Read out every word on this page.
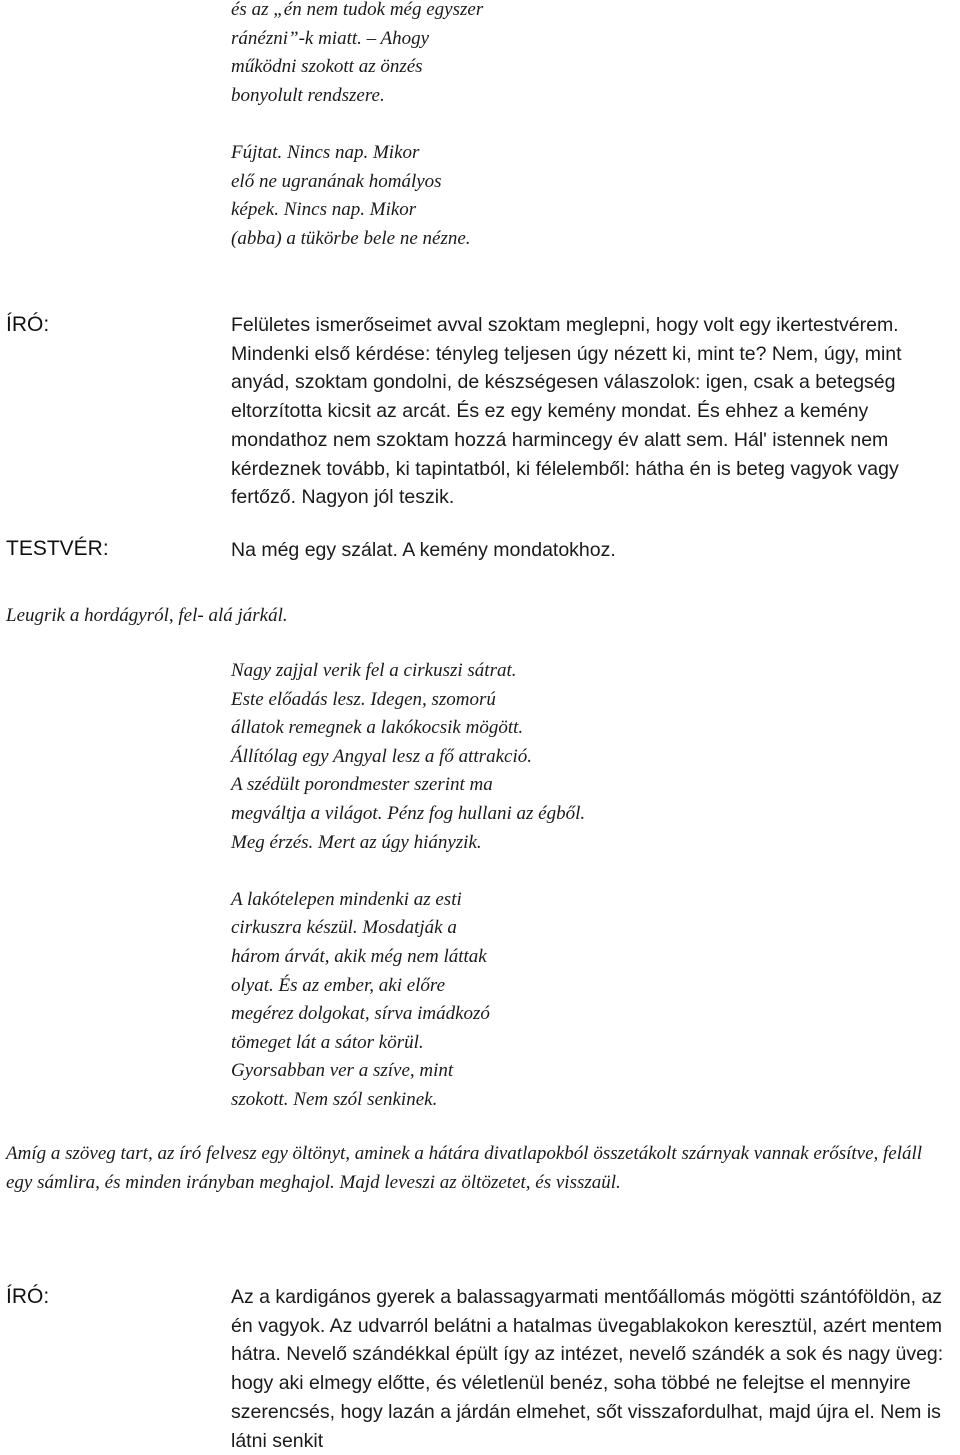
és az „én nem tudok még egyszer
ránézni”-k miatt. – Ahogy
működni szokott az önzés
bonyolult rendszere.

Fújtat. Nincs nap. Mikor
elő ne ugranának homályos
képek. Nincs nap. Mikor
(abba) a tükörbe bele ne nézne.
ÍRÓ:	Felületes ismerőseimet avval szoktam meglepni, hogy volt egy ikertestvérem. Mindenki első kérdése: tényleg teljesen úgy nézett ki, mint te? Nem, úgy, mint anyád, szoktam gondolni, de készségesen válaszolok: igen, csak a betegség eltorzította kicsit az arcát. És ez egy kemény mondat. És ehhez a kemény mondathoz nem szoktam hozzá harmincegy év alatt sem. Hál' istennek nem kérdeznek tovább, ki tapintatból, ki félelemből: hátha én is beteg vagyok vagy fertőző. Nagyon jól teszik.
TESTVÉR:	Na még egy szálat. A kemény mondatokhoz.
Leugrik a hordágyról, fel- alá járkál.
Nagy zajjal verik fel a cirkuszi sátrat.
Este előadás lesz. Idegen, szomorú
állatok remegnek a lakókocsik mögött.
Állítólag egy Angyal lesz a fő attrakció.
A szédült porondmester szerint ma
megváltja a világot. Pénz fog hullani az égből.
Meg érzés. Mert az úgy hiányzik.

A lakótelepen mindenki az esti
cirkuszra készül. Mosdatják a
három árvát, akik még nem láttak
olyat. És az ember, aki előre
megérez dolgokat, sírva imádkozó
tömeget lát a sátor körül.
Gyorsabban ver a szíve, mint
szokott. Nem szól senkinek.
Amíg a szöveg tart, az író felvesz egy öltönyt, aminek a hátára divatlapokból összetákolt szárnyak vannak erősítve, feláll egy sámlira, és minden irányban meghajol. Majd leveszi az öltözetet, és visszaül.
ÍRÓ:	Az a kardigános gyerek a balassagyarmati mentőállomás mögötti szántóföldön, az én vagyok. Az udvarról belátni a hatalmas üvegablakokon keresztül, azért mentem hátra. Nevelő szándékkal épült így az intézet, nevelő szándék a sok és nagy üveg: hogy aki elmegy előtte, és véletlenül benéz, soha többé ne felejtse el mennyire szerencsés, hogy lazán a járdán elmehet, sőt visszafordulhat, majd újra el. Nem is látni senkit
